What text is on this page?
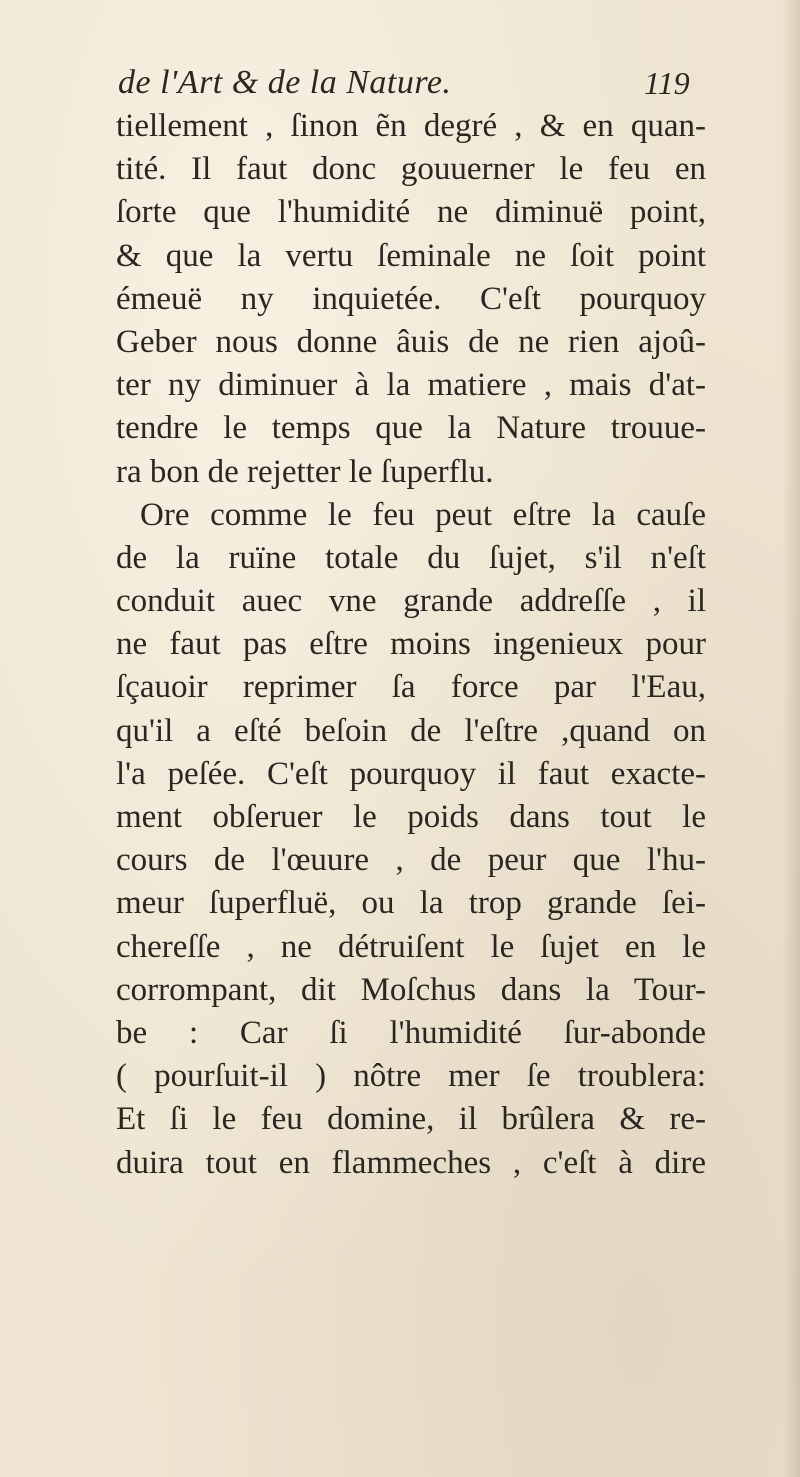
de l'Art & de la Nature.	119
tiellement , ſinon ẽn degré , & en quan-
tité. Il faut donc gouuerner le feu en
ſorte que l'humidité ne diminuë point,
& que la vertu ſeminale ne ſoit point
émeuë ny inquietée. C'eſt pourquoy
Geber nous donne âuis de ne rien ajoû-
ter ny diminuer à la matiere , mais d'at-
tendre le temps que la Nature trouue-
ra bon de rejetter le ſuperflu.
Ore comme le feu peut eſtre la cauſe
de la ruïne totale du ſujet, s'il n'eſt
conduit auec vne grande addreſſe , il
ne faut pas eſtre moins ingenieux pour
ſçauoir reprimer ſa force par l'Eau,
qu'il a eſté beſoin de l'eſtre ,quand on
l'a peſée. C'eſt pourquoy il faut exacte-
ment obſeruer le poids dans tout le
cours de l'œuure , de peur que l'hu-
meur ſuperfluë, ou la trop grande ſei-
chereſſe , ne détruiſent le ſujet en le
corrompant, dit Moſchus dans la Tour-
be : Car ſi l'humidité ſur-abonde
( pourſuit-il ) nôtre mer ſe troublera:
Et ſi le feu domine, il brûlera & re-
duira tout en flammeches , c'eſt à dire
